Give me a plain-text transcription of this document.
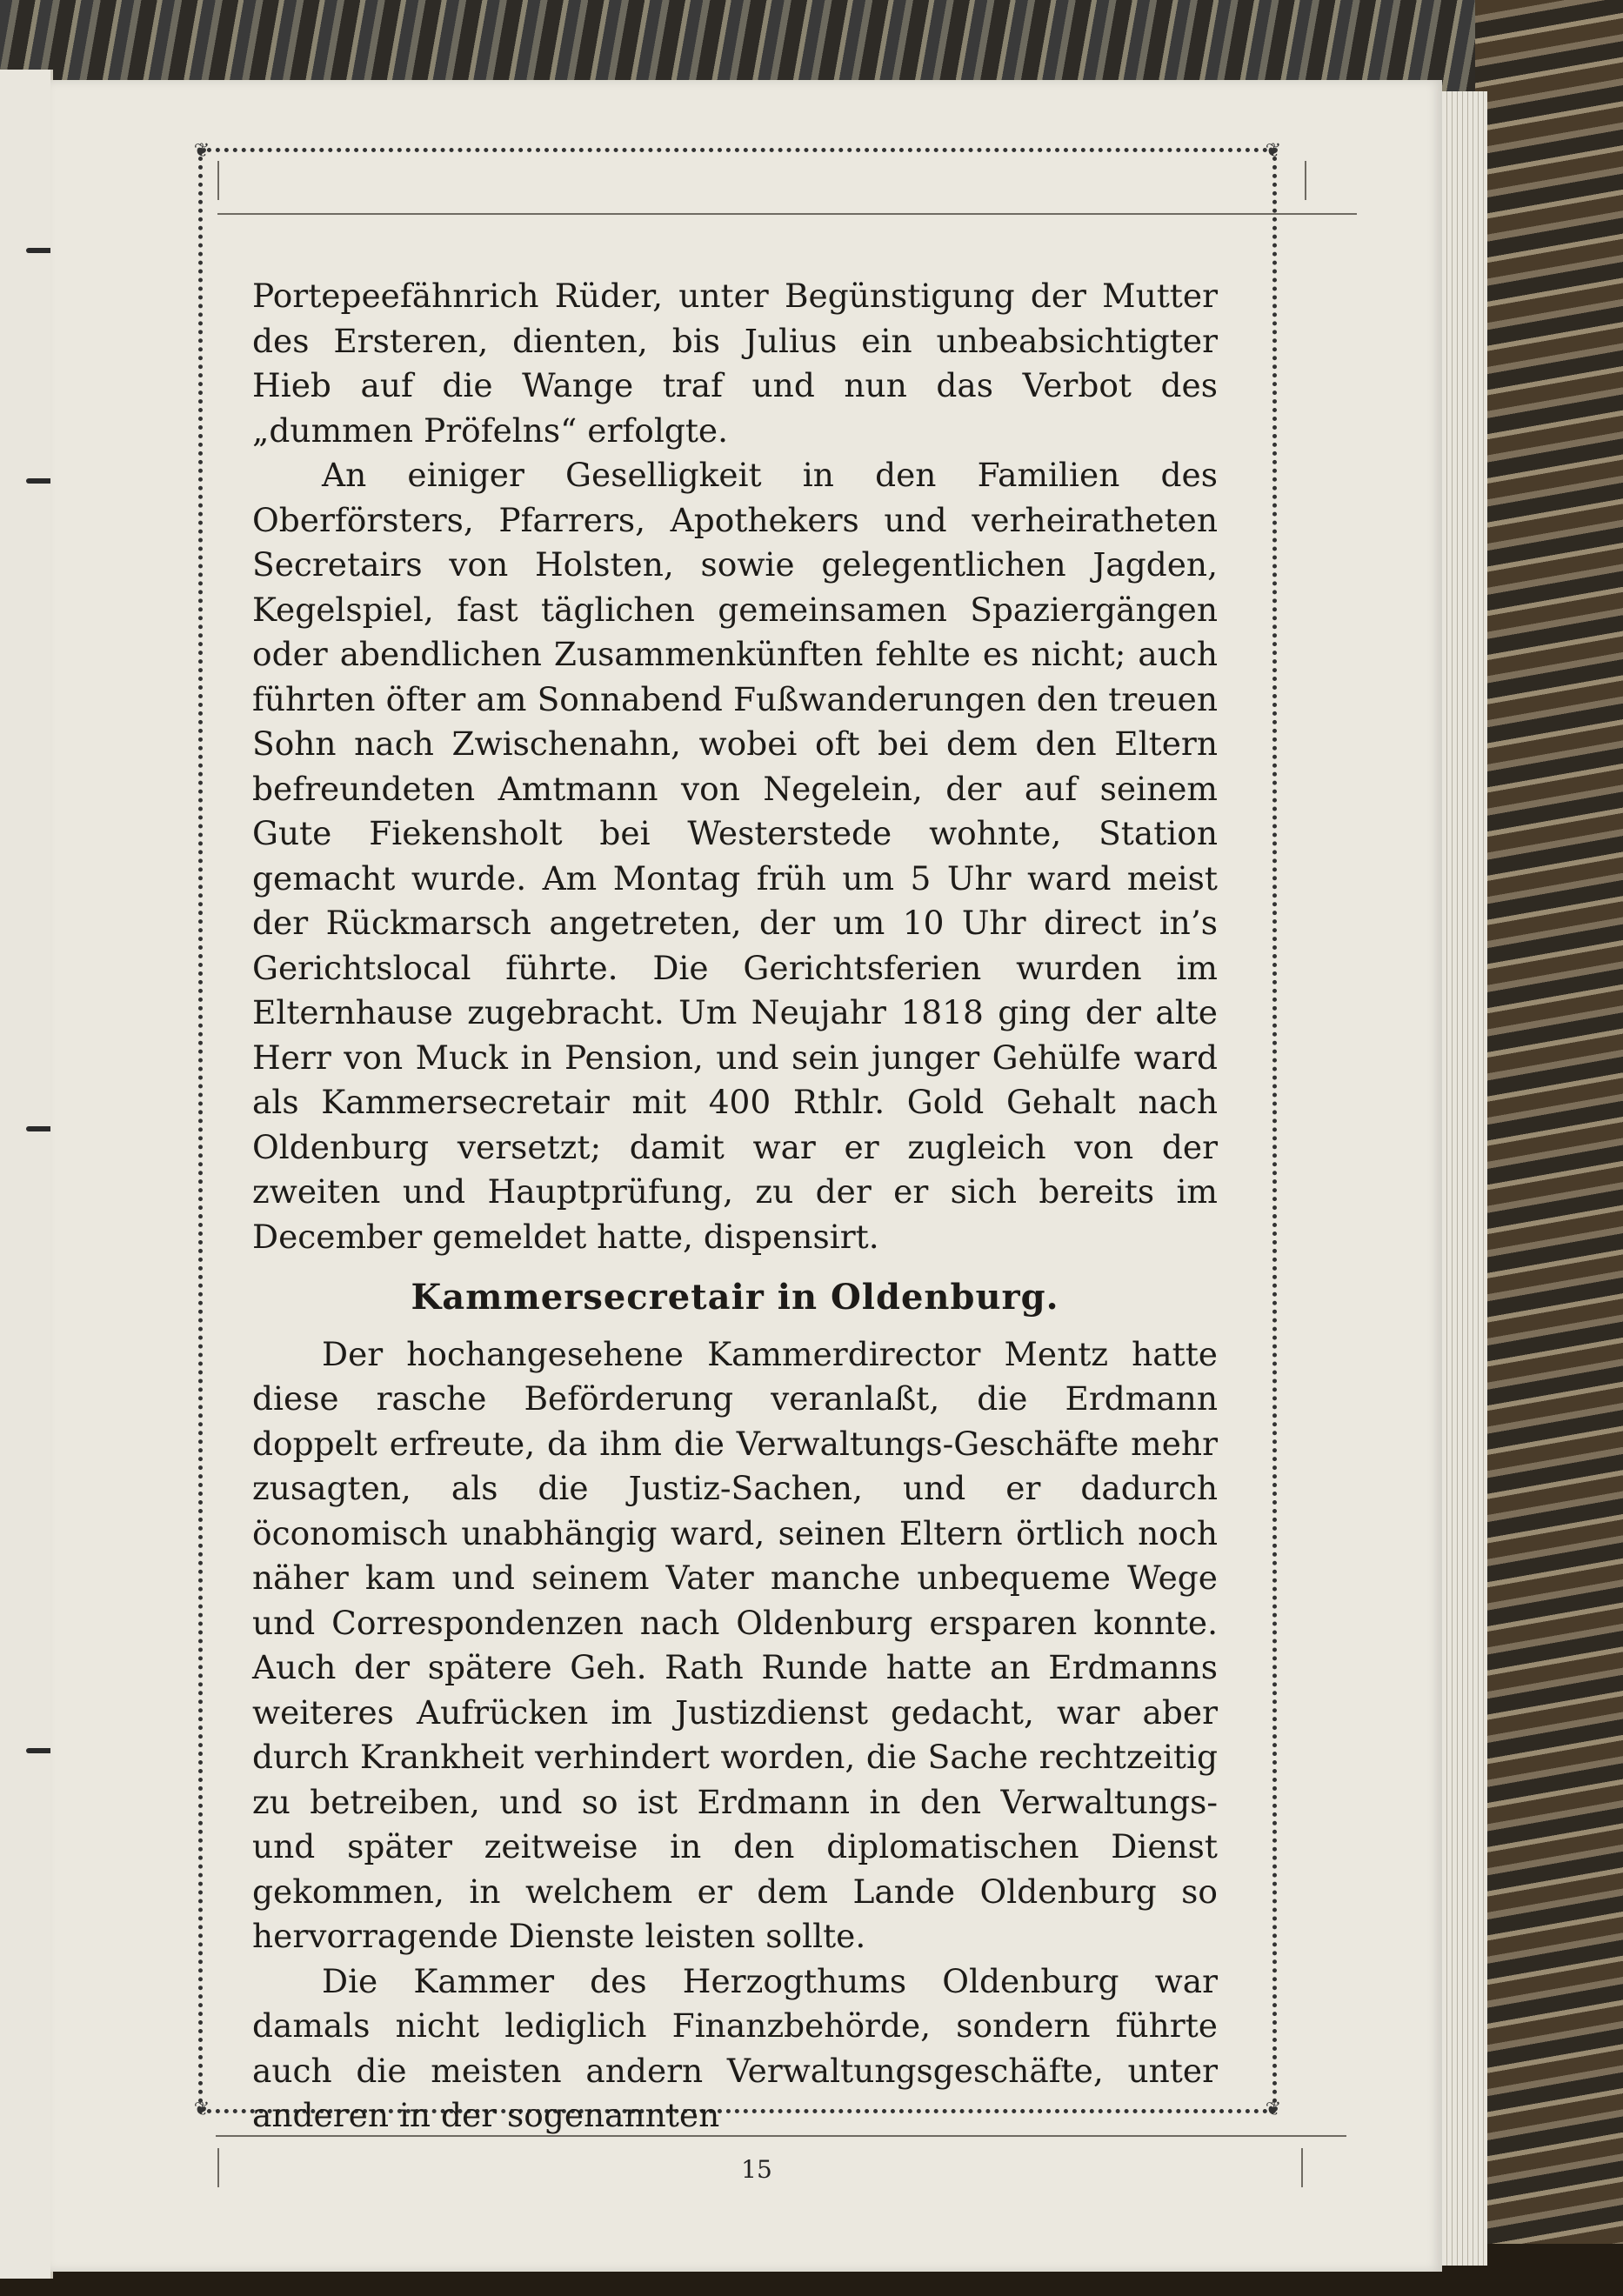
❦	❦
❦	❦

Portepeefähnrich Rüder, unter Begünstigung der Mutter des Ersteren, dienten, bis Julius ein unbeabsichtigter Hieb auf die Wange traf und nun das Verbot des „dummen Pröfelns“ erfolgte.

An einiger Geselligkeit in den Familien des Oberförsters, Pfarrers, Apothekers und verheiratheten Secretairs von Holsten, sowie gelegentlichen Jagden, Kegelspiel, fast täglichen gemeinsamen Spaziergängen oder abendlichen Zusammenkünften fehlte es nicht; auch führten öfter am Sonnabend Fußwanderungen den treuen Sohn nach Zwischenahn, wobei oft bei dem den Eltern befreundeten Amtmann von Negelein, der auf seinem Gute Fiekensholt bei Westerstede wohnte, Station gemacht wurde. Am Montag früh um 5 Uhr ward meist der Rückmarsch angetreten, der um 10 Uhr direct in’s Gerichtslocal führte. Die Gerichtsferien wurden im Elternhause zugebracht. Um Neujahr 1818 ging der alte Herr von Muck in Pension, und sein junger Gehülfe ward als Kammersecretair mit 400 Rthlr. Gold Gehalt nach Oldenburg versetzt; damit war er zugleich von der zweiten und Hauptprüfung, zu der er sich bereits im December gemeldet hatte, dispensirt.

Kammersecretair in Oldenburg.

Der hochangesehene Kammerdirector Mentz hatte diese rasche Beförderung veranlaßt, die Erdmann doppelt erfreute, da ihm die Verwaltungs-Geschäfte mehr zusagten, als die Justiz-Sachen, und er dadurch öconomisch unabhängig ward, seinen Eltern örtlich noch näher kam und seinem Vater manche unbequeme Wege und Correspondenzen nach Oldenburg ersparen konnte. Auch der spätere Geh. Rath Runde hatte an Erdmanns weiteres Aufrücken im Justizdienst gedacht, war aber durch Krankheit verhindert worden, die Sache rechtzeitig zu betreiben, und so ist Erdmann in den Verwaltungs- und später zeitweise in den diplomatischen Dienst gekommen, in welchem er dem Lande Oldenburg so hervorragende Dienste leisten sollte.

Die Kammer des Herzogthums Oldenburg war damals nicht lediglich Finanzbehörde, sondern führte auch die meisten andern Verwaltungsgeschäfte, unter anderen in der sogenannten

15
